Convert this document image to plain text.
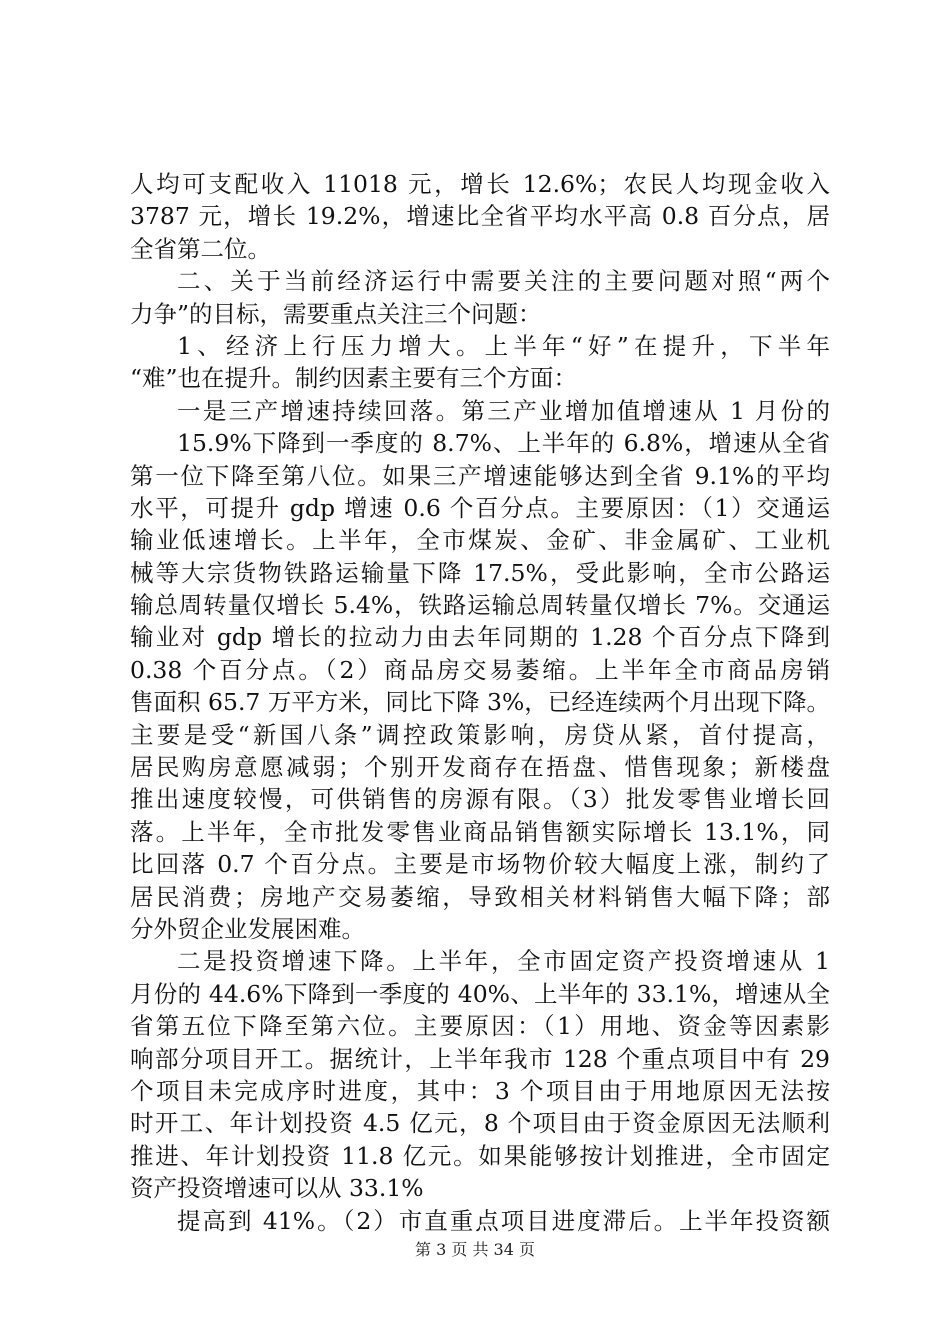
人均可支配收入 11018 元，增长 12.6%；农民人均现金收入
3787 元，增长 19.2%，增速比全省平均水平高 0.8 百分点，居
全省第二位。
二、关于当前经济运行中需要关注的主要问题对照“两个
力争”的目标，需要重点关注三个问题：
1、经济上行压力增大。上半年“好”在提升，下半年
“难”也在提升。制约因素主要有三个方面：
一是三产增速持续回落。第三产业增加值增速从 1 月份的
15.9%下降到一季度的 8.7%、上半年的 6.8%，增速从全省
第一位下降至第八位。如果三产增速能够达到全省 9.1%的平均
水平，可提升 gdp 增速 0.6 个百分点。主要原因：（1）交通运
输业低速增长。上半年，全市煤炭、金矿、非金属矿、工业机
械等大宗货物铁路运输量下降 17.5%，受此影响，全市公路运
输总周转量仅增长 5.4%，铁路运输总周转量仅增长 7%。交通运
输业对 gdp 增长的拉动力由去年同期的 1.28 个百分点下降到
0.38 个百分点。（2）商品房交易萎缩。上半年全市商品房销
售面积 65.7 万平方米，同比下降 3%，已经连续两个月出现下降。
主要是受“新国八条”调控政策影响，房贷从紧，首付提高，
居民购房意愿减弱；个别开发商存在捂盘、惜售现象；新楼盘
推出速度较慢，可供销售的房源有限。（3）批发零售业增长回
落。上半年，全市批发零售业商品销售额实际增长 13.1%，同
比回落 0.7 个百分点。主要是市场物价较大幅度上涨，制约了
居民消费；房地产交易萎缩，导致相关材料销售大幅下降；部
分外贸企业发展困难。
二是投资增速下降。上半年，全市固定资产投资增速从 1
月份的 44.6%下降到一季度的 40%、上半年的 33.1%，增速从全
省第五位下降至第六位。主要原因：（1）用地、资金等因素影
响部分项目开工。据统计，上半年我市 128 个重点项目中有 29
个项目未完成序时进度，其中：3 个项目由于用地原因无法按
时开工、年计划投资 4.5 亿元，8 个项目由于资金原因无法顺利
推进、年计划投资 11.8 亿元。如果能够按计划推进，全市固定
资产投资增速可以从 33.1%
提高到 41%。（2）市直重点项目进度滞后。上半年投资额
第 3 页 共 34 页
